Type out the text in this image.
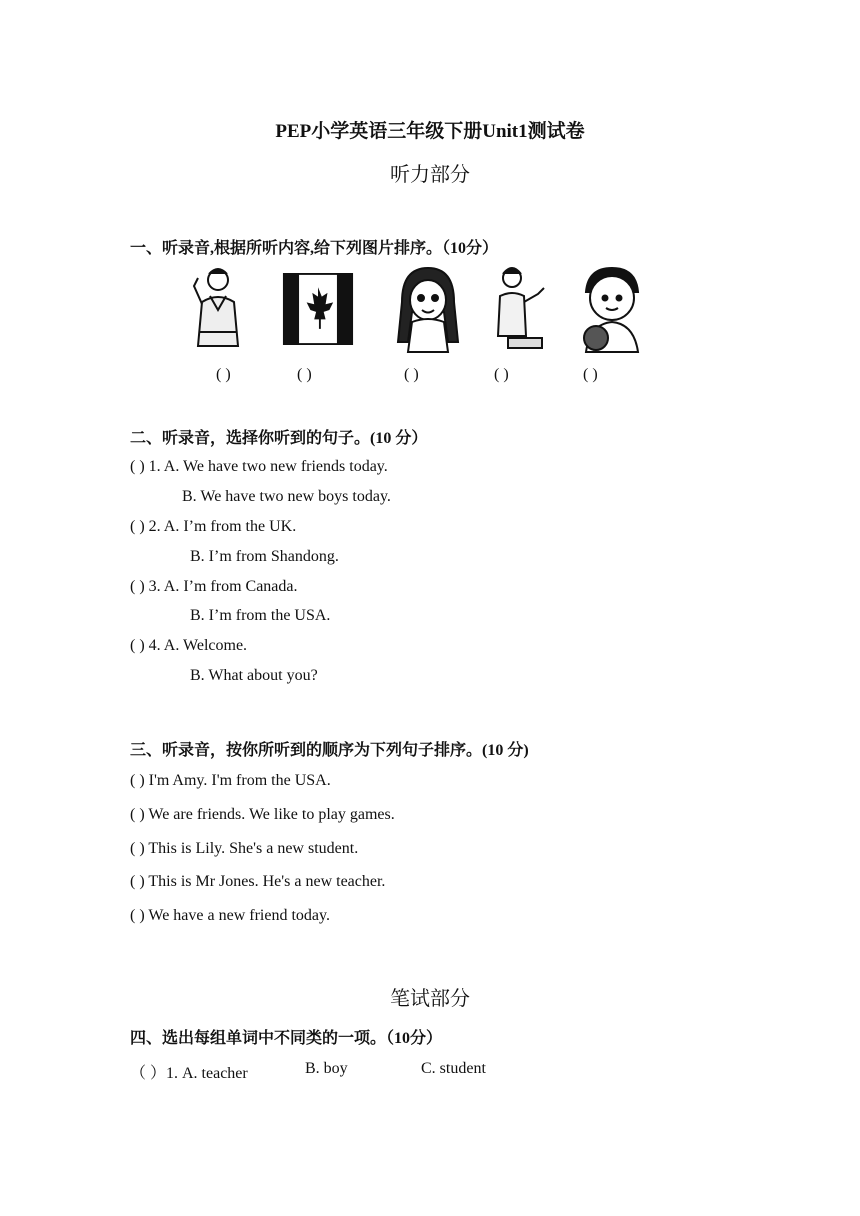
PEP小学英语三年级下册Unit1测试卷
听力部分
一、听录音,根据所听内容,给下列图片排序。（10分）
( )	( )	( )	( )	( )
二、听录音，选择你听到的句子。(10 分）
( ) 1. A. We have two new friends today.
B. We have two new boys today.
( ) 2. A. I’m from the UK.
B. I’m from Shandong.
( ) 3. A. I’m from Canada.
B. I’m from the USA.
( ) 4. A. Welcome.
B. What about you?
三、听录音，按你所听到的顺序为下列句子排序。(10 分)
( ) I'm Amy. I'm from the USA.
( ) We are friends. We like to play games.
( ) This is Lily. She's a new student.
( ) This is Mr Jones. He's a new teacher.
( ) We have a new friend today.
笔试部分
四、选出每组单词中不同类的一项。（10分）
（ ）1. A. teacher	B. boy	C. student
